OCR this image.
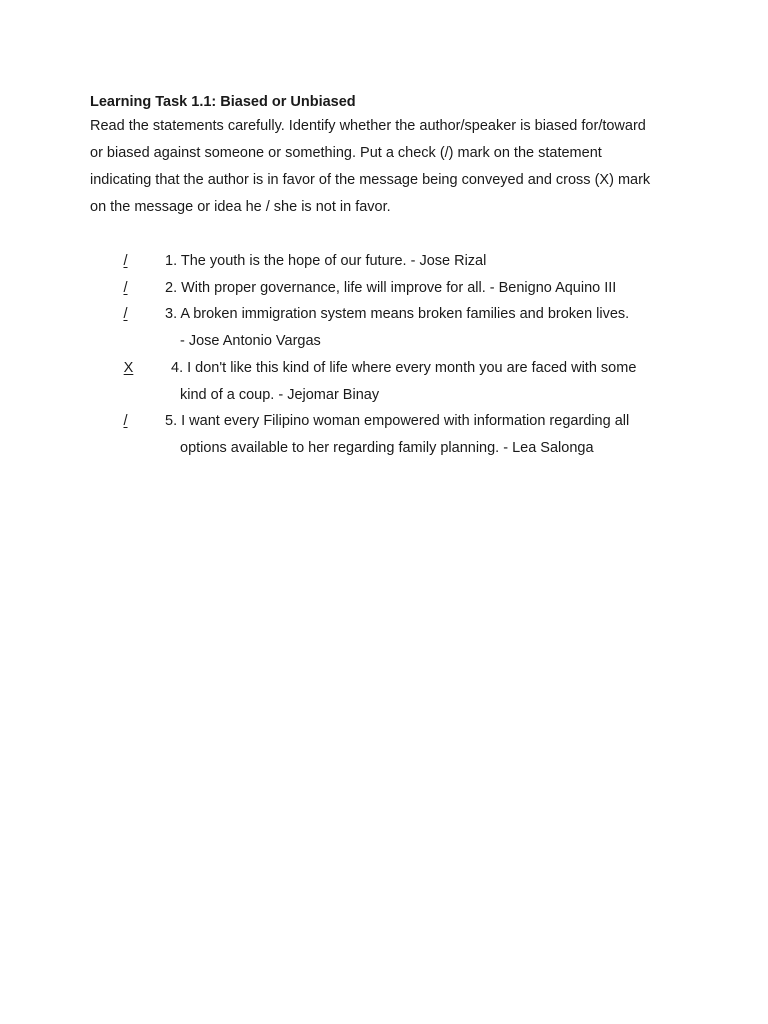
Learning Task 1.1: Biased or Unbiased

Read the statements carefully. Identify whether the author/speaker is biased for/toward
or biased against someone or something. Put a check (/) mark on the statement
indicating that the author is in favor of the message being conveyed and cross (X) mark
on the message or idea he / she is not in favor.

/	1. The youth is the hope of our future. - Jose Rizal
/	2. With proper governance, life will improve for all. - Benigno Aquino III
/	3. A broken immigration system means broken families and broken lives.
- Jose Antonio Vargas
X	4. I don't like this kind of life where every month you are faced with some
kind of a coup. - Jejomar Binay
/	5. I want every Filipino woman empowered with information regarding all
options available to her regarding family planning. - Lea Salonga
